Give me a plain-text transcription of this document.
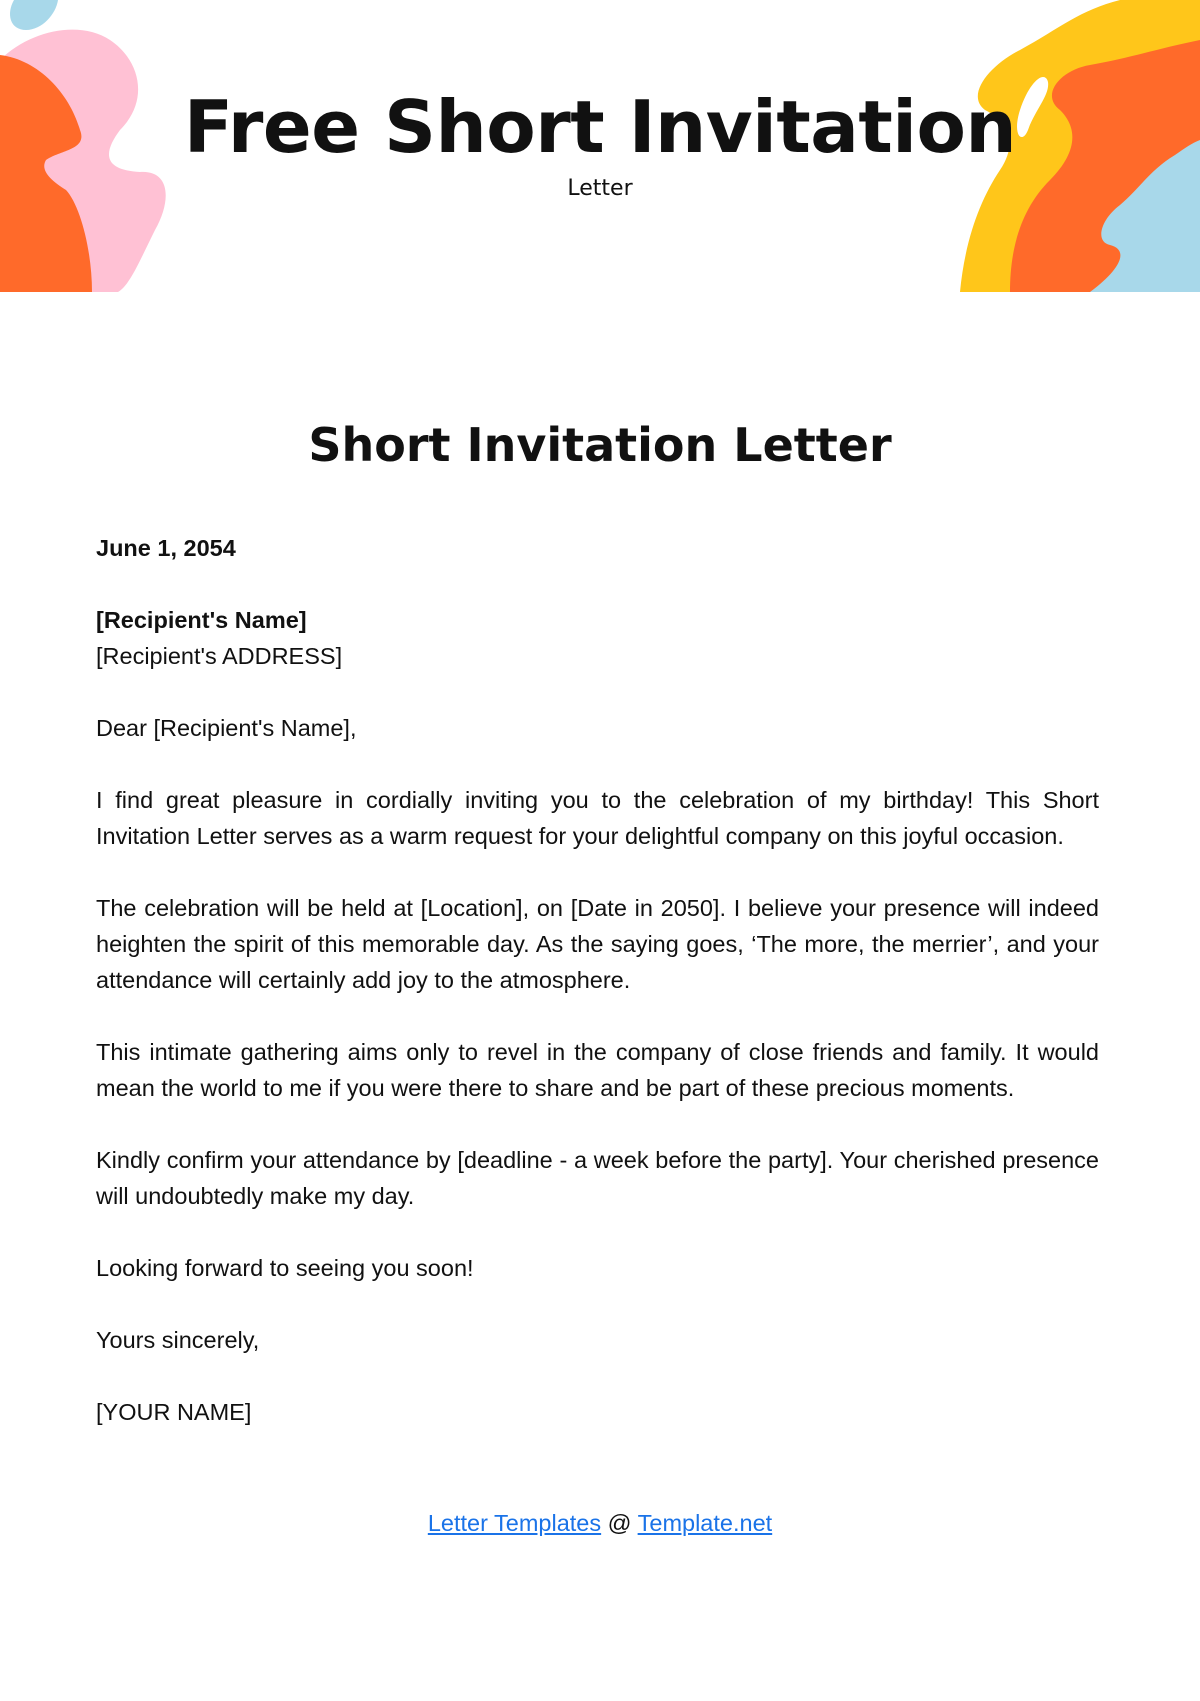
Free Short Invitation
Letter
Short Invitation Letter
June 1, 2054
[Recipient's Name]
[Recipient's ADDRESS]

Dear [Recipient's Name],

I find great pleasure in cordially inviting you to the celebration of my birthday! This Short Invitation Letter serves as a warm request for your delightful company on this joyful occasion.

The celebration will be held at [Location], on [Date in 2050]. I believe your presence will indeed heighten the spirit of this memorable day. As the saying goes, ‘The more, the merrier’, and your attendance will certainly add joy to the atmosphere.

This intimate gathering aims only to revel in the company of close friends and family. It would mean the world to me if you were there to share and be part of these precious moments.

Kindly confirm your attendance by [deadline - a week before the party]. Your cherished presence will undoubtedly make my day.

Looking forward to seeing you soon!

Yours sincerely,

[YOUR NAME]
Letter Templates @ Template.net
